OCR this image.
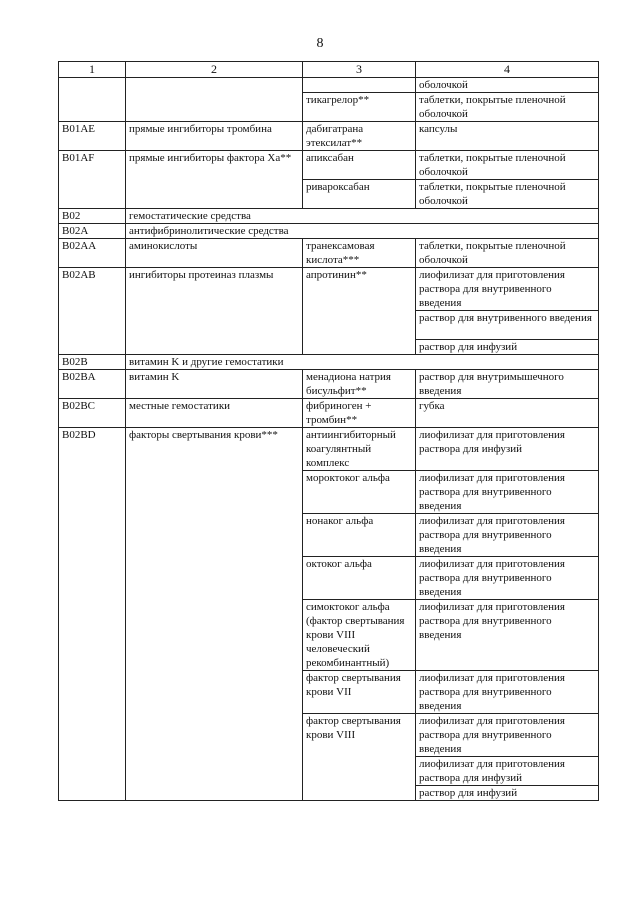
8
1	2	3	4
			оболочкой
		тикагрелор**	таблетки, покрытые пленочной оболочкой
B01AE	прямые ингибиторы тромбина	дабигатрана этексилат**	капсулы
B01AF	прямые ингибиторы фактора Xa**	апиксабан	таблетки, покрытые пленочной оболочкой
		ривароксабан	таблетки, покрытые пленочной оболочкой
B02	гемостатические средства		
B02A	антифибринолитические средства		
B02AA	аминокислоты	транексамовая кислота***	таблетки, покрытые пленочной оболочкой
B02AB	ингибиторы протеиназ плазмы	апротинин**	лиофилизат для приготовления раствора для внутривенного введения
			раствор для внутривенного введения
			раствор для инфузий
B02B	витамин K и другие гемостатики		
B02BA	витамин K	менадиона натрия бисульфит**	раствор для внутримышечного введения
B02BC	местные гемостатики	фибриноген + тромбин**	губка
B02BD	факторы свертывания крови***	антиингибиторный коагулянтный комплекс	лиофилизат для приготовления раствора для инфузий
		мороктоког альфа	лиофилизат для приготовления раствора для внутривенного введения
		нонаког альфа	лиофилизат для приготовления раствора для внутривенного введения
		октоког альфа	лиофилизат для приготовления раствора для внутривенного введения
		симоктоког альфа (фактор свертывания крови VIII человеческий рекомбинантный)	лиофилизат для приготовления раствора для внутривенного введения
		фактор свертывания крови VII	лиофилизат для приготовления раствора для внутривенного введения
		фактор свертывания крови VIII	лиофилизат для приготовления раствора для внутривенного введения
			лиофилизат для приготовления раствора для инфузий
			раствор для инфузий
